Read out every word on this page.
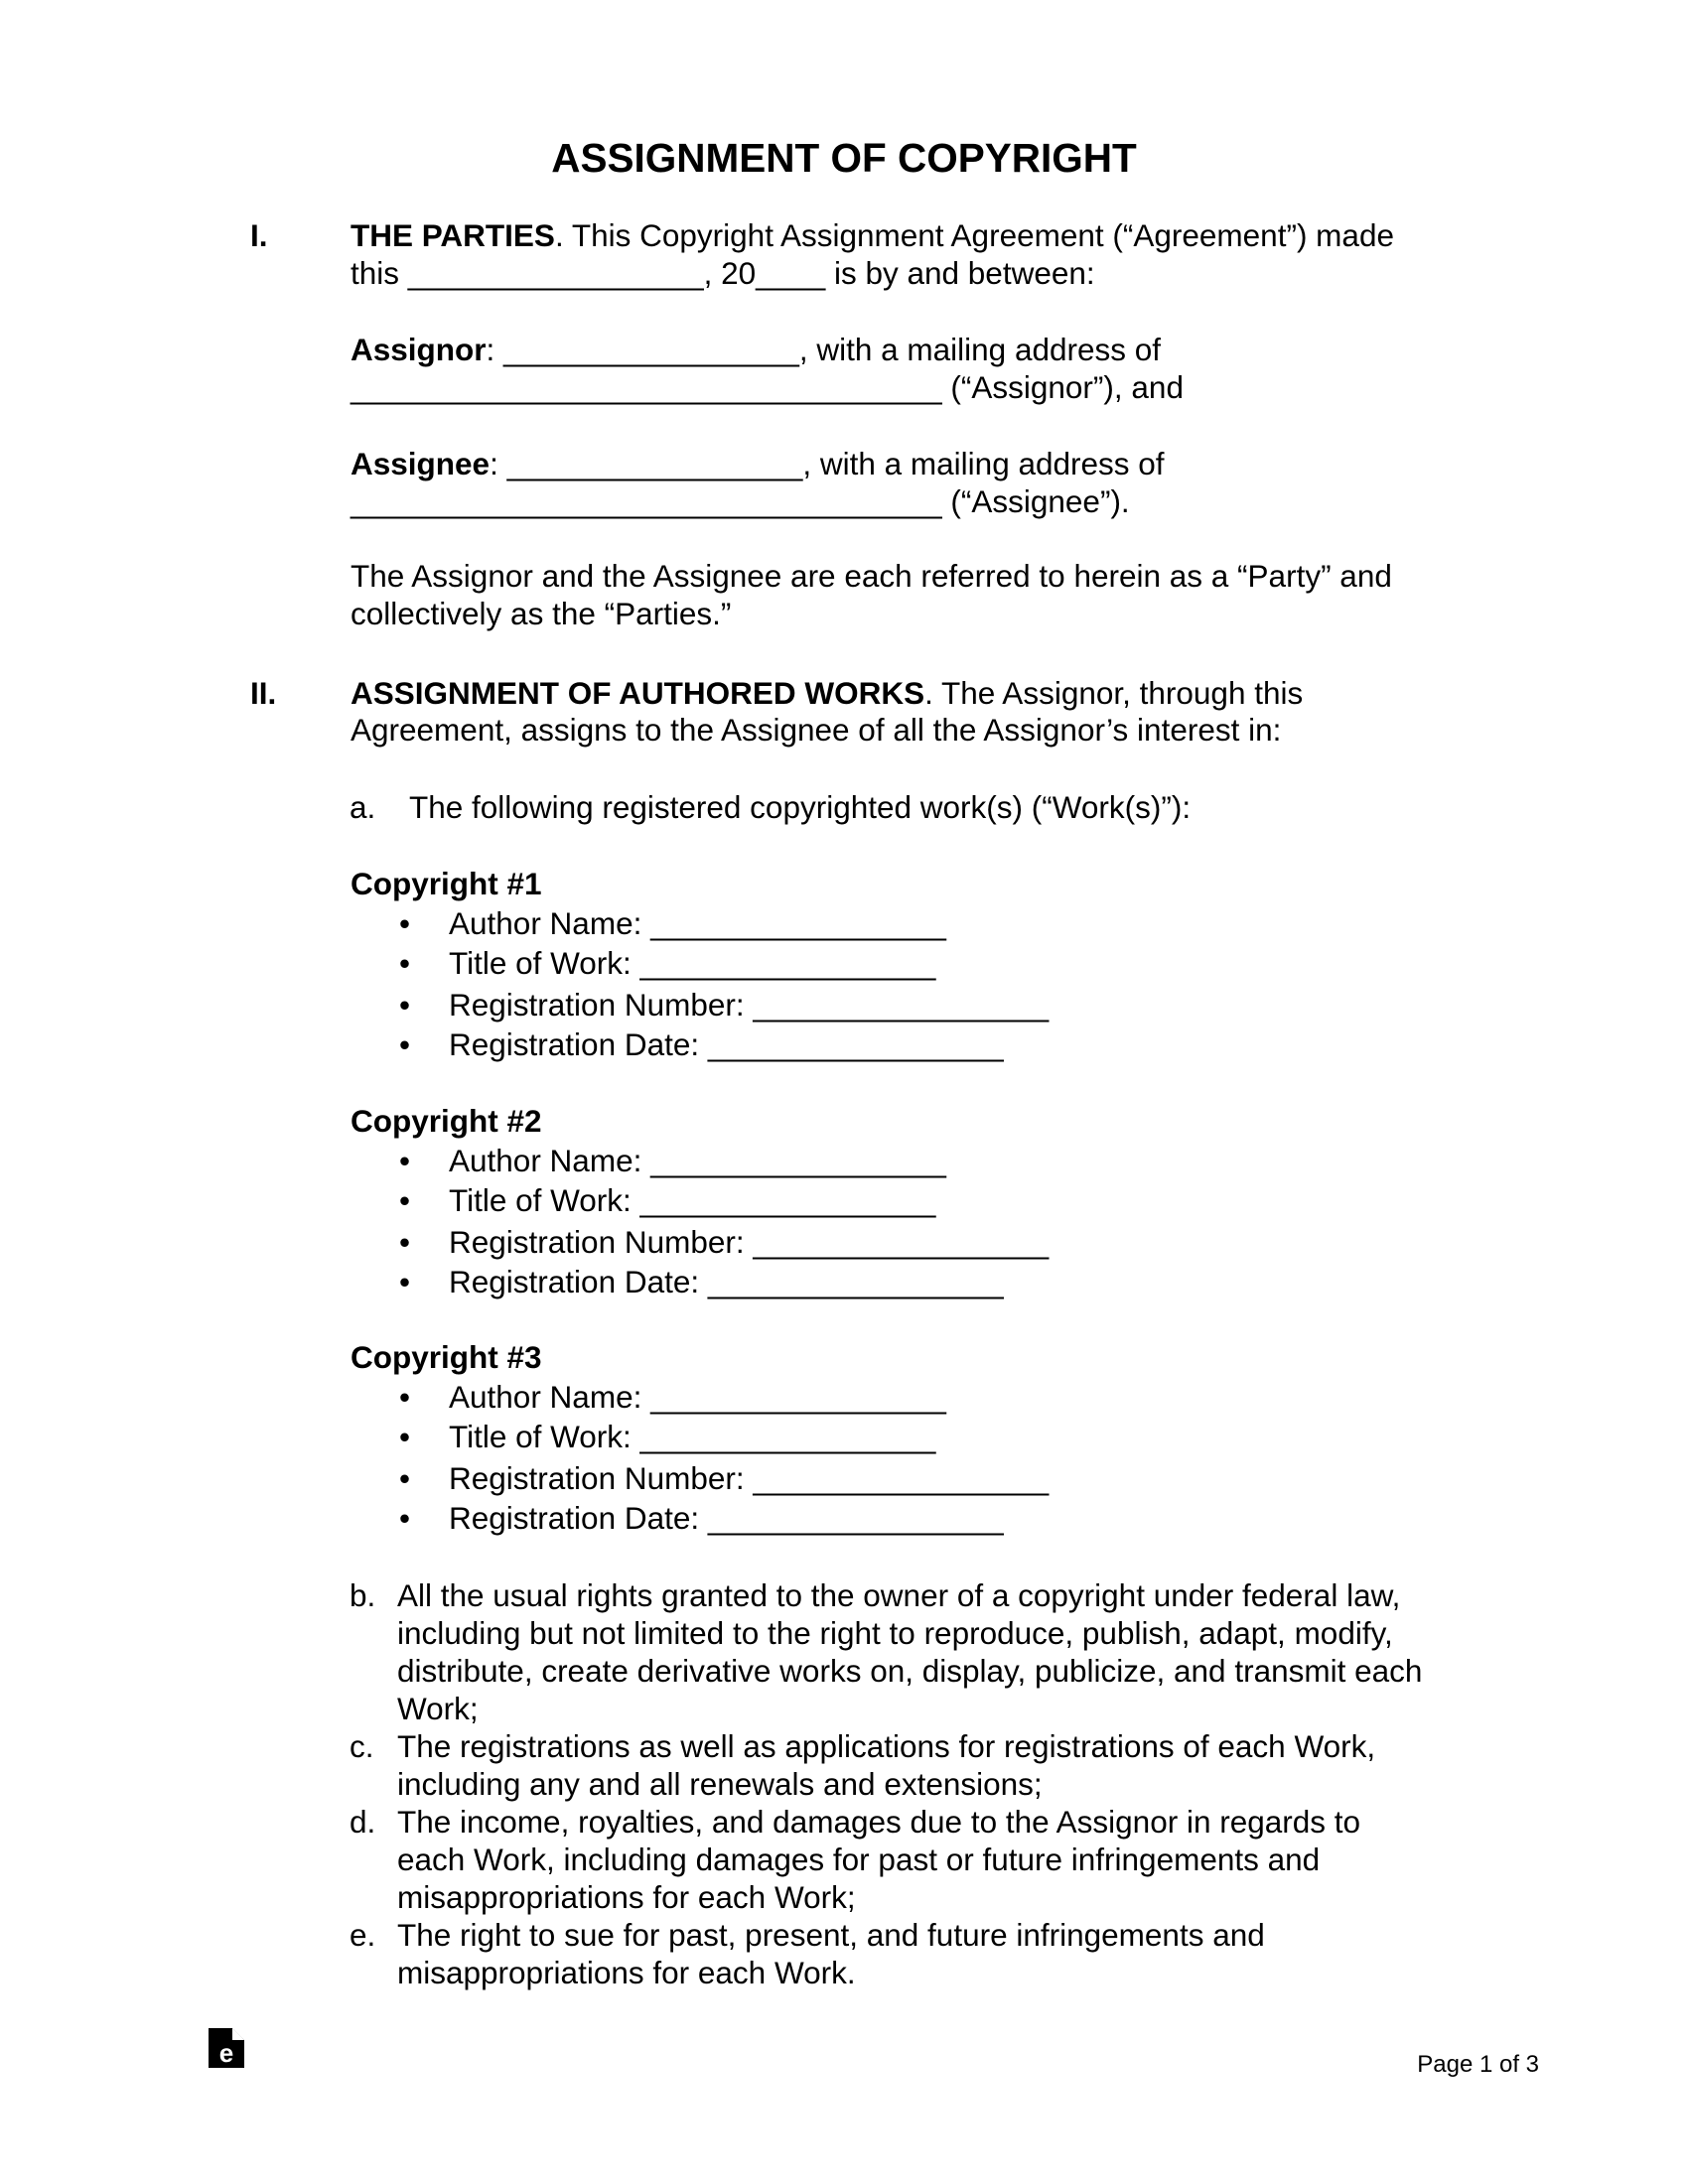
ASSIGNMENT OF COPYRIGHT
I.	THE PARTIES. This Copyright Assignment Agreement (“Agreement”) made
this _________________, 20____ is by and between:
Assignor: _________________, with a mailing address of
__________________________________ (“Assignor”), and
Assignee: _________________, with a mailing address of
__________________________________ (“Assignee”).
The Assignor and the Assignee are each referred to herein as a “Party” and
collectively as the “Parties.”
II. ASSIGNMENT OF AUTHORED WORKS. The Assignor, through this
Agreement, assigns to the Assignee of all the Assignor’s interest in:
a. The following registered copyrighted work(s) (“Work(s)”):
Copyright #1
• Author Name: _________________
• Title of Work: _________________
• Registration Number: _________________
• Registration Date: _________________
Copyright #2
• Author Name: _________________
• Title of Work: _________________
• Registration Number: _________________
• Registration Date: _________________
Copyright #3
• Author Name: _________________
• Title of Work: _________________
• Registration Number: _________________
• Registration Date: _________________
b. All the usual rights granted to the owner of a copyright under federal law,
including but not limited to the right to reproduce, publish, adapt, modify,
distribute, create derivative works on, display, publicize, and transmit each
Work;
c. The registrations as well as applications for registrations of each Work,
including any and all renewals and extensions;
d. The income, royalties, and damages due to the Assignor in regards to
each Work, including damages for past or future infringements and
misappropriations for each Work;
e. The right to sue for past, present, and future infringements and
misappropriations for each Work.
e	Page 1 of 3
